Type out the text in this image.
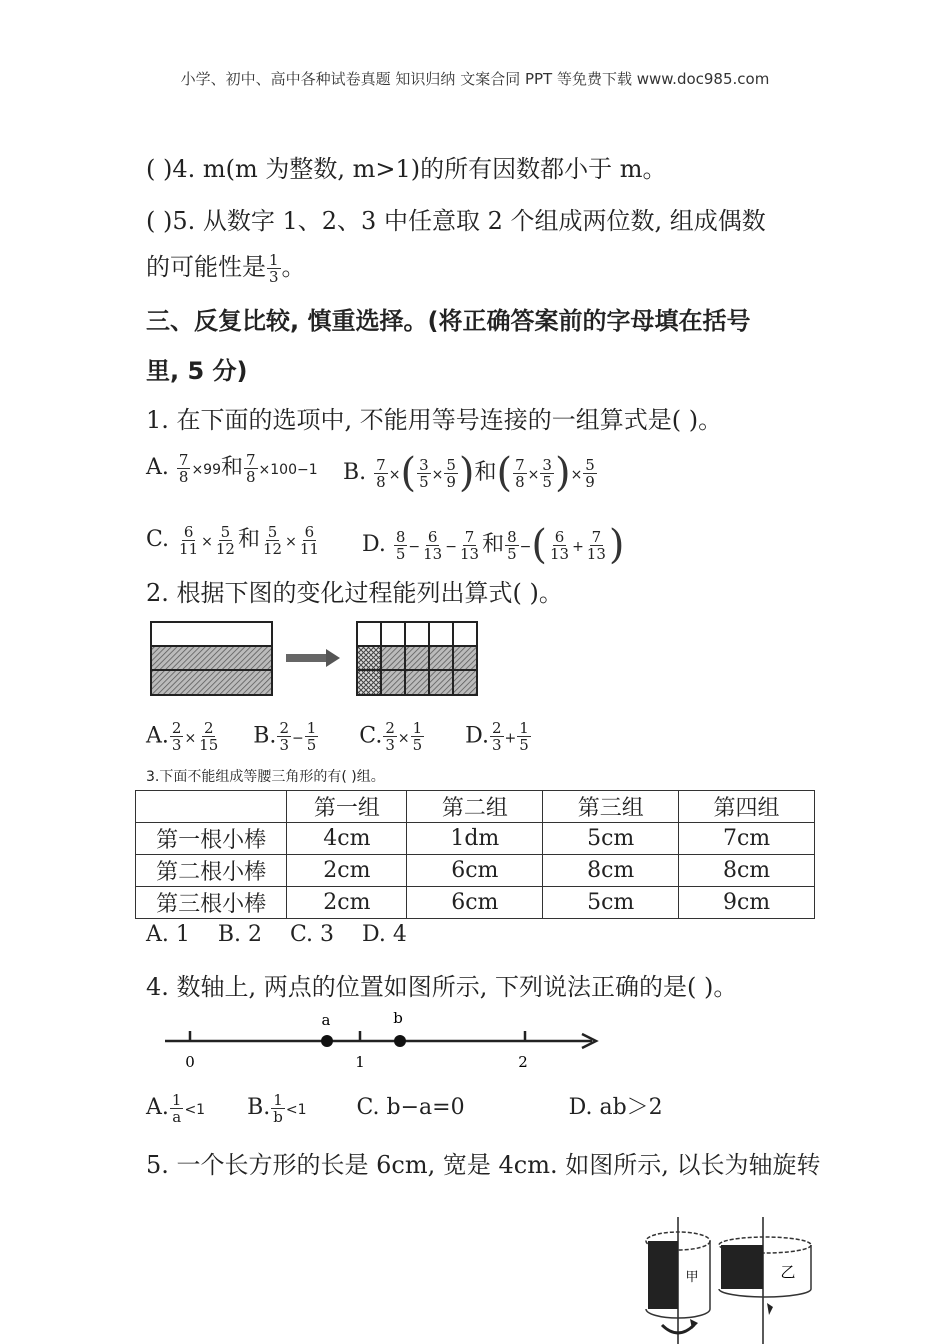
小学、初中、高中各种试卷真题 知识归纳 文案合同 PPT 等免费下载 www.doc985.com
( )4. m(m 为整数, m>1)的所有因数都小于 m。
( )5. 从数字 1、2、3 中任意取 2 个组成两位数, 组成偶数
的可能性是 $\frac{1}{3}$ 。
三、反复比较, 慎重选择。(将正确答案前的字母填在括号
里, 5 分)
1. 在下面的选项中, 不能用等号连接的一组算式是( )。
A. $\frac{7}{8} \times 99$和 $\frac{7}{8} \times 100-1$ B. $\frac{7}{8}$ ×( $\frac{3}{5} \times \frac{5}{9}$ )和( $\frac{7}{8} \times \frac{3}{5}$ )× $\frac{5}{9}$
C. $\frac{6}{11} \times \frac{5}{12}$ 和 $\frac{5}{12} \times \frac{6}{11} D$. $\frac{8}{5} - \frac{6}{13} - \frac{7}{13}$ 和 $\frac{8}{5}$ −( $\frac{6}{13} + \frac{7}{13}$ )
2. 根据下图的变化过程能列出算式( )。
A. $\frac{2}{3} \times \frac{2}{15} B$. $\frac{2}{3} - \frac{1}{5} C$. $\frac{2}{3} \times \frac{1}{5} D$. $\frac{2}{3} + \frac{1}{5}$
3.下面不能组成等腰三角形的有( )组。
	第一组	第二组	第三组	第四组
第一根小棒	4cm	1dm	5cm	7cm
第二根小棒	2cm	6cm	8cm	8cm
第三根小棒	2cm	6cm	5cm	9cm
A. 1    B. 2    C. 3    D. 4
4. 数轴上, 两点的位置如图所示, 下列说法正确的是( )。
a	b
0	1	2
A. $\frac{1}{a} <1$ B. $\frac{1}{b} <1$ C. b−a=0	D. ab＞2
5. 一个长方形的长是 6cm, 宽是 4cm. 如图所示, 以长为轴旋转
甲	乙
